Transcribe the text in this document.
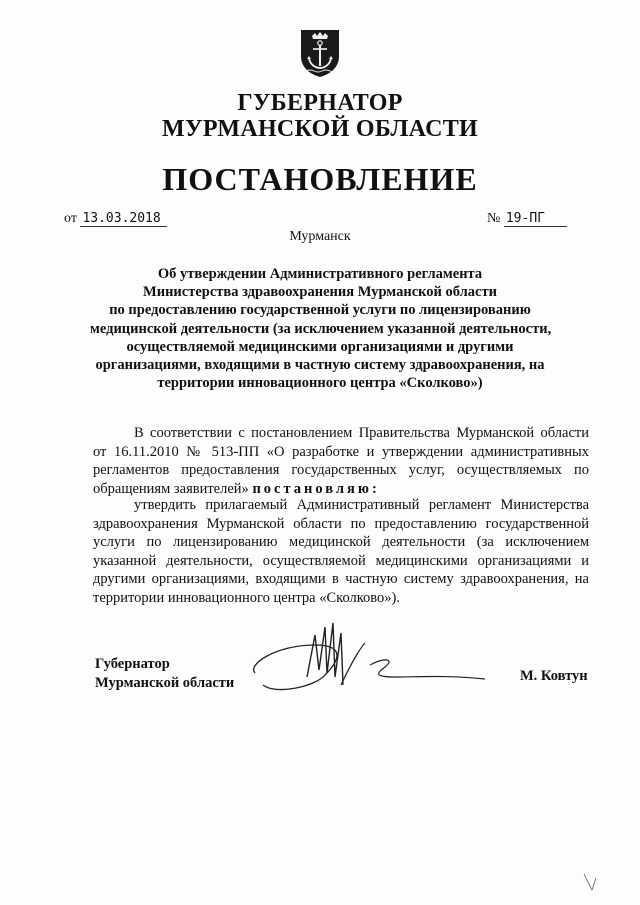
ГУБЕРНАТОР
МУРМАНСКОЙ ОБЛАСТИ
ПОСТАНОВЛЕНИЕ
от 13.03.2018	№ 19-ПГ
Мурманск
Об утверждении Административного регламента
Министерства здравоохранения Мурманской области
по предоставлению государственной услуги по лицензированию
медицинской деятельности (за исключением указанной деятельности,
осуществляемой медицинскими организациями и другими
организациями, входящими в частную систему здравоохранения, на
территории инновационного центра «Сколково»)
В соответствии с постановлением Правительства Мурманской области от 16.11.2010 № 513-ПП «О разработке и утверждении административных регламентов предоставления государственных услуг, осуществляемых по обращениям заявителей» постановляю:
утвердить прилагаемый Административный регламент Министерства здравоохранения Мурманской области по предоставлению государственной услуги по лицензированию медицинской деятельности (за исключением указанной деятельности, осуществляемой медицинскими организациями и другими организациями, входящими в частную систему здравоохранения, на территории инновационного центра «Сколково»).
Губернатор
Мурманской области	М. Ковтун
